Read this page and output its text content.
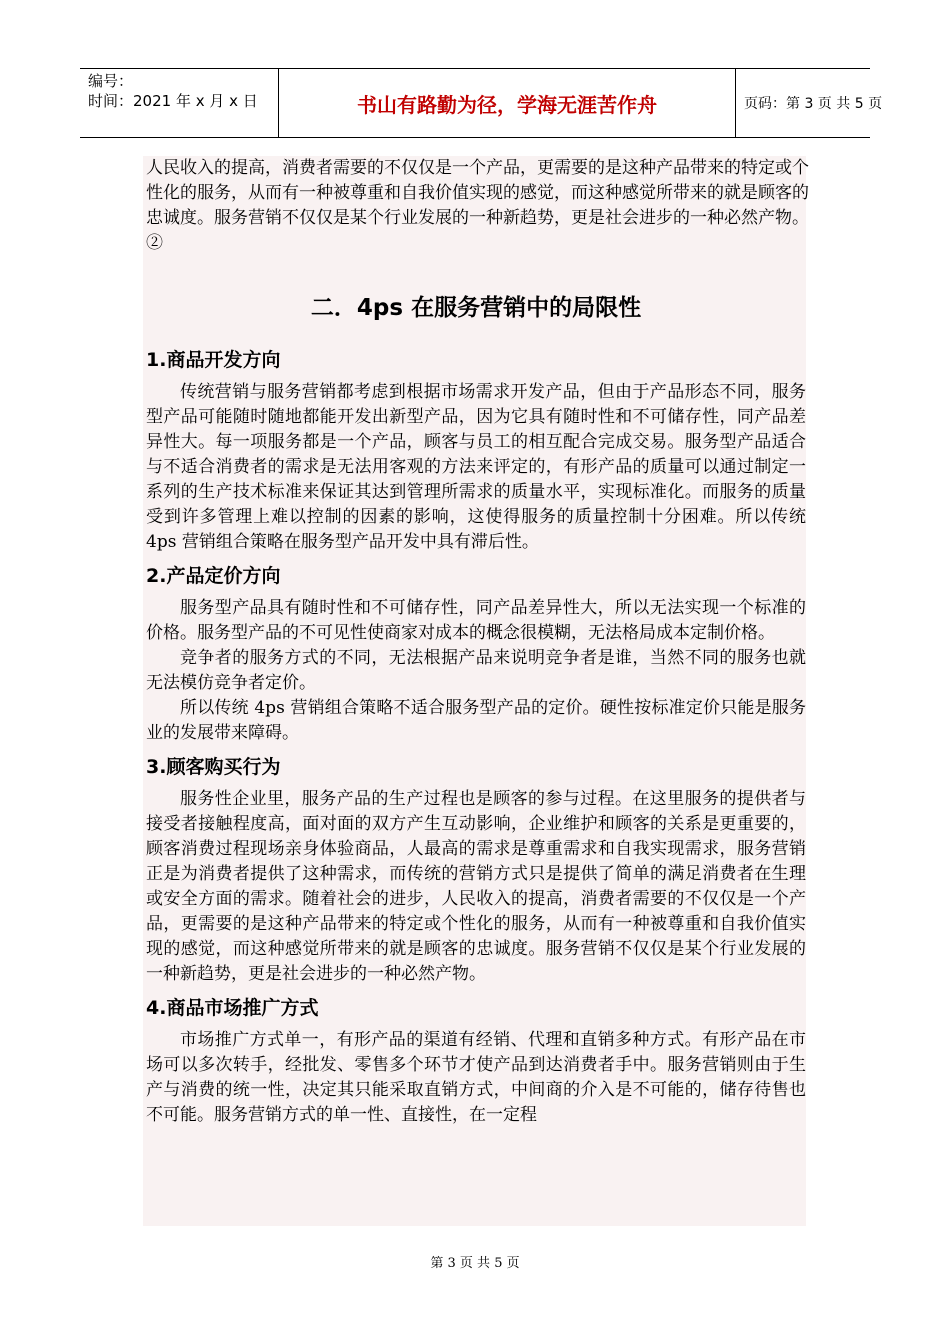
编号：
时间：2021 年 x 月 x 日	书山有路勤为径，学海无涯苦作舟	页码：第 3 页 共 5 页

人民收入的提高，消费者需要的不仅仅是一个产品，更需要的是这种产品带来的特定或个性化的服务，从而有一种被尊重和自我价值实现的感觉，而这种感觉所带来的就是顾客的忠诚度。服务营销不仅仅是某个行业发展的一种新趋势，更是社会进步的一种必然产物。②

二．4ps 在服务营销中的局限性
1.商品开发方向

传统营销与服务营销都考虑到根据市场需求开发产品，但由于产品形态不同，服务型产品可能随时随地都能开发出新型产品，因为它具有随时性和不可储存性，同产品差异性大。每一项服务都是一个产品，顾客与员工的相互配合完成交易。服务型产品适合与不适合消费者的需求是无法用客观的方法来评定的，有形产品的质量可以通过制定一系列的生产技术标准来保证其达到管理所需求的质量水平，实现标准化。而服务的质量受到许多管理上难以控制的因素的影响，这使得服务的质量控制十分困难。所以传统 4ps 营销组合策略在服务型产品开发中具有滞后性。

2.产品定价方向

服务型产品具有随时性和不可储存性，同产品差异性大，所以无法实现一个标准的价格。服务型产品的不可见性使商家对成本的概念很模糊，无法格局成本定制价格。

竞争者的服务方式的不同，无法根据产品来说明竞争者是谁，当然不同的服务也就无法模仿竞争者定价。

所以传统 4ps 营销组合策略不适合服务型产品的定价。硬性按标准定价只能是服务业的发展带来障碍。

3.顾客购买行为

服务性企业里，服务产品的生产过程也是顾客的参与过程。在这里服务的提供者与接受者接触程度高，面对面的双方产生互动影响，企业维护和顾客的关系是更重要的，顾客消费过程现场亲身体验商品，人最高的需求是尊重需求和自我实现需求，服务营销正是为消费者提供了这种需求，而传统的营销方式只是提供了简单的满足消费者在生理或安全方面的需求。随着社会的进步，人民收入的提高，消费者需要的不仅仅是一个产品，更需要的是这种产品带来的特定或个性化的服务，从而有一种被尊重和自我价值实现的感觉，而这种感觉所带来的就是顾客的忠诚度。服务营销不仅仅是某个行业发展的一种新趋势，更是社会进步的一种必然产物。

4.商品市场推广方式

市场推广方式单一，有形产品的渠道有经销、代理和直销多种方式。有形产品在市场可以多次转手，经批发、零售多个环节才使产品到达消费者手中。服务营销则由于生产与消费的统一性，决定其只能采取直销方式，中间商的介入是不可能的，储存待售也不可能。服务营销方式的单一性、直接性，在一定程

第 3 页 共 5 页
